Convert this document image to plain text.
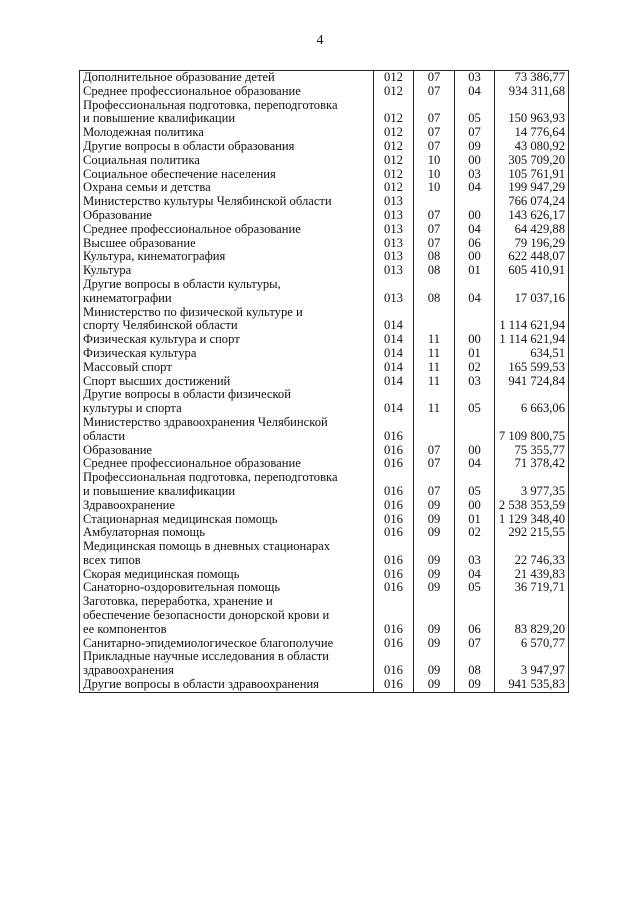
4
Дополнительное образование детей	012	07	03	73 386,77

Среднее профессиональное образование	012	07	04	934 311,68

Профессиональная подготовка, переподготовка
и повышение квалификации	012	07	05	150 963,93

Молодежная политика	012	07	07	14 776,64

Другие вопросы в области образования	012	07	09	43 080,92

Социальная политика	012	10	00	305 709,20

Социальное обеспечение населения	012	10	03	105 761,91

Охрана семьи и детства	012	10	04	199 947,29

Министерство культуры Челябинской области	013			766 074,24

Образование	013	07	00	143 626,17

Среднее профессиональное образование	013	07	04	64 429,88

Высшее образование	013	07	06	79 196,29

Культура, кинематография	013	08	00	622 448,07

Культура	013	08	01	605 410,91

Другие вопросы в области культуры,
кинематографии	013	08	04	17 037,16

Министерство по физической культуре и
спорту Челябинской области	014			1 114 621,94

Физическая культура и спорт	014	11	00	1 114 621,94

Физическая культура	014	11	01	634,51

Массовый спорт	014	11	02	165 599,53

Спорт высших достижений	014	11	03	941 724,84

Другие вопросы в области физической
культуры и спорта	014	11	05	6 663,06

Министерство здравоохранения Челябинской
области	016			7 109 800,75

Образование	016	07	00	75 355,77

Среднее профессиональное образование	016	07	04	71 378,42

Профессиональная подготовка, переподготовка
и повышение квалификации	016	07	05	3 977,35

Здравоохранение	016	09	00	2 538 353,59

Стационарная медицинская помощь	016	09	01	1 129 348,40

Амбулаторная помощь	016	09	02	292 215,55

Медицинская помощь в дневных стационарах
всех типов	016	09	03	22 746,33

Скорая медицинская помощь	016	09	04	21 439,83

Санаторно-оздоровительная помощь	016	09	05	36 719,71

Заготовка, переработка, хранение и
обеспечение безопасности донорской крови и
ее компонентов	016	09	06	83 829,20

Санитарно-эпидемиологическое благополучие	016	09	07	6 570,77

Прикладные научные исследования в области
здравоохранения	016	09	08	3 947,97

Другие вопросы в области здравоохранения	016	09	09	941 535,83
